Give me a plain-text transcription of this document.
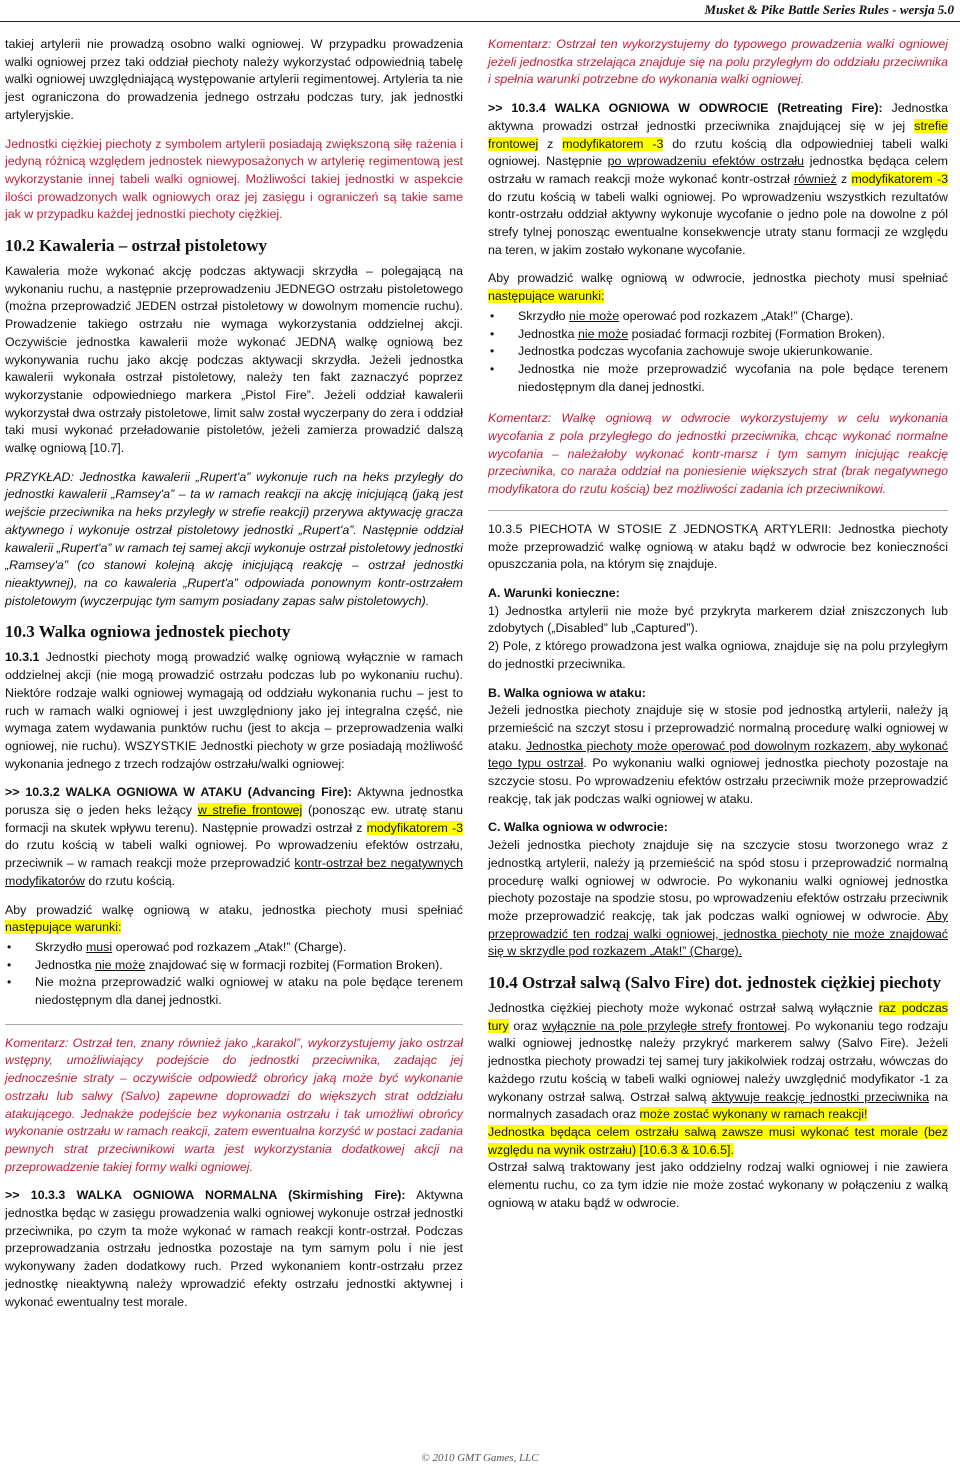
Musket & Pike Battle Series Rules - wersja 5.0

takiej artylerii nie prowadzą osobno walki ogniowej. W przypadku prowadzenia walki ogniowej przez taki oddział piechoty należy wykorzystać odpowiednią tabelę walki ogniowej uwzględniającą występowanie artylerii regimentowej. Artyleria ta nie jest ograniczona do prowadzenia jednego ostrzału podczas tury, jak jednostki artyleryjskie.

Jednostki ciężkiej piechoty z symbolem artylerii posiadają zwiększoną siłę rażenia i jedyną różnicą względem jednostek niewyposażonych w artylerię regimentową jest wykorzystanie innej tabeli walki ogniowej. Możliwości takiej jednostki w aspekcie ilości prowadzonych walk ogniowych oraz jej zasięgu i ograniczeń są takie same jak w przypadku każdej jednostki piechoty ciężkiej.

10.2 Kawaleria – ostrzał pistoletowy

Kawaleria może wykonać akcję podczas aktywacji skrzydła – polegającą na wykonaniu ruchu, a następnie przeprowadzeniu JEDNEGO ostrzału pistoletowego (można przeprowadzić JEDEN ostrzał pistoletowy w dowolnym momencie ruchu). Prowadzenie takiego ostrzału nie wymaga wykorzystania oddzielnej akcji. Oczywiście jednostka kawalerii może wykonać JEDNĄ walkę ogniową bez wykonywania ruchu jako akcję podczas aktywacji skrzydła. Jeżeli jednostka kawalerii wykonała ostrzał pistoletowy, należy ten fakt zaznaczyć poprzez wykorzystanie odpowiedniego markera „Pistol Fire”. Jeżeli oddział kawalerii wykorzystał dwa ostrzały pistoletowe, limit salw został wyczerpany do zera i oddział taki musi wykonać przeładowanie pistoletów, jeżeli zamierza prowadzić dalszą walkę ogniową [10.7].

PRZYKŁAD: Jednostka kawalerii „Rupert'a” wykonuje ruch na heks przyległy do jednostki kawalerii „Ramsey'a” – ta w ramach reakcji na akcję inicjującą (jaką jest wejście przeciwnika na heks przyległy w strefie reakcji) przerywa aktywację gracza aktywnego i wykonuje ostrzał pistoletowy jednostki „Rupert'a”. Następnie oddział kawalerii „Rupert'a” w ramach tej samej akcji wykonuje ostrzał pistoletowy jednostki „Ramsey'a” (co stanowi kolejną akcję inicjującą reakcję – ostrzał jednostki nieaktywnej), na co kawaleria „Rupert'a” odpowiada ponownym kontr-ostrzałem pistoletowym (wyczerpując tym samym posiadany zapas salw pistoletowych).

10.3 Walka ogniowa jednostek piechoty

10.3.1 Jednostki piechoty mogą prowadzić walkę ogniową wyłącznie w ramach oddzielnej akcji (nie mogą prowadzić ostrzału podczas lub po wykonaniu ruchu). Niektóre rodzaje walki ogniowej wymagają od oddziału wykonania ruchu – jest to ruch w ramach walki ogniowej i jest uwzględniony jako jej integralna część, nie wymaga zatem wydawania punktów ruchu (jest to akcja – przeprowadzenia walki ogniowej, nie ruchu). WSZYSTKIE Jednostki piechoty w grze posiadają możliwość wykonania jednego z trzech rodzajów ostrzału/walki ogniowej:

>> 10.3.2 WALKA OGNIOWA W ATAKU (Advancing Fire): Aktywna jednostka porusza się o jeden heks leżący w strefie frontowej (ponosząc ew. utratę stanu formacji na skutek wpływu terenu). Następnie prowadzi ostrzał z modyfikatorem -3 do rzutu kością w tabeli walki ogniowej. Po wprowadzeniu efektów ostrzału, przeciwnik – w ramach reakcji może przeprowadzić kontr-ostrzał bez negatywnych modyfikatorów do rzutu kością.

Aby prowadzić walkę ogniową w ataku, jednostka piechoty musi spełniać następujące warunki:

• Skrzydło musi operować pod rozkazem „Atak!” (Charge).
• Jednostka nie może znajdować się w formacji rozbitej (Formation Broken).
• Nie można przeprowadzić walki ogniowej w ataku na pole będące terenem niedostępnym dla danej jednostki.

Komentarz: Ostrzał ten, znany również jako „karakol”, wykorzystujemy jako ostrzał wstępny, umożliwiający podejście do jednostki przeciwnika, zadając jej jednocześnie straty – oczywiście odpowiedź obrońcy jaką może być wykonanie ostrzału lub salwy (Salvo) zapewne doprowadzi do większych strat oddziału atakującego. Jednakże podejście bez wykonania ostrzału i tak umożliwi obrońcy wykonanie ostrzału w ramach reakcji, zatem ewentualna korzyść w postaci zadania pewnych strat przeciwnikowi warta jest wykorzystania dodatkowej akcji na przeprowadzenie takiej formy walki ogniowej.

>> 10.3.3 WALKA OGNIOWA NORMALNA (Skirmishing Fire): Aktywna jednostka będąc w zasięgu prowadzenia walki ogniowej wykonuje ostrzał jednostki przeciwnika, po czym ta może wykonać w ramach reakcji kontr-ostrzał. Podczas przeprowadzania ostrzału jednostka pozostaje na tym samym polu i nie jest wykonywany żaden dodatkowy ruch. Przed wykonaniem kontr-ostrzału przez jednostkę nieaktywną należy wprowadzić efekty ostrzału jednostki aktywnej i wykonać ewentualny test morale.

Komentarz: Ostrzał ten wykorzystujemy do typowego prowadzenia walki ogniowej jeżeli jednostka strzelająca znajduje się na polu przyległym do oddziału przeciwnika i spełnia warunki potrzebne do wykonania walki ogniowej.

>> 10.3.4 WALKA OGNIOWA W ODWROCIE (Retreating Fire): Jednostka aktywna prowadzi ostrzał jednostki przeciwnika znajdującej się w jej strefie frontowej z modyfikatorem -3 do rzutu kością dla odpowiedniej tabeli walki ogniowej. Następnie po wprowadzeniu efektów ostrzału jednostka będąca celem ostrzału w ramach reakcji może wykonać kontr-ostrzał również z modyfikatorem -3 do rzutu kością w tabeli walki ogniowej. Po wprowadzeniu wszystkich rezultatów kontr-ostrzału oddział aktywny wykonuje wycofanie o jedno pole na dowolne z pól strefy tylnej ponosząc ewentualne konsekwencje utraty stanu formacji ze względu na teren, w jakim zostało wykonane wycofanie.

Aby prowadzić walkę ogniową w odwrocie, jednostka piechoty musi spełniać następujące warunki:

• Skrzydło nie może operować pod rozkazem „Atak!” (Charge).
• Jednostka nie może posiadać formacji rozbitej (Formation Broken).
• Jednostka podczas wycofania zachowuje swoje ukierunkowanie.
• Jednostka nie może przeprowadzić wycofania na pole będące terenem niedostępnym dla danej jednostki.

Komentarz: Walkę ogniową w odwrocie wykorzystujemy w celu wykonania wycofania z pola przyległego do jednostki przeciwnika, chcąc wykonać normalne wycofania – należałoby wykonać kontr-marsz i tym samym inicjując reakcję przeciwnika, co naraża oddział na poniesienie większych strat (brak negatywnego modyfikatora do rzutu kością) bez możliwości zadania ich przeciwnikowi.

10.3.5 PIECHOTA W STOSIE Z JEDNOSTKĄ ARTYLERII: Jednostka piechoty może przeprowadzić walkę ogniową w ataku bądź w odwrocie bez konieczności opuszczania pola, na którym się znajduje.

A. Warunki konieczne:

1) Jednostka artylerii nie może być przykryta markerem dział zniszczonych lub zdobytych („Disabled” lub „Captured”).

2) Pole, z którego prowadzona jest walka ogniowa, znajduje się na polu przyległym do jednostki przeciwnika.

B. Walka ogniowa w ataku:

Jeżeli jednostka piechoty znajduje się w stosie pod jednostką artylerii, należy ją przemieścić na szczyt stosu i przeprowadzić normalną procedurę walki ogniowej w ataku. Jednostka piechoty może operować pod dowolnym rozkazem, aby wykonać tego typu ostrzał. Po wykonaniu walki ogniowej jednostka piechoty pozostaje na szczycie stosu. Po wprowadzeniu efektów ostrzału przeciwnik może przeprowadzić reakcję, tak jak podczas walki ogniowej w ataku.

C. Walka ogniowa w odwrocie:

Jeżeli jednostka piechoty znajduje się na szczycie stosu tworzonego wraz z jednostką artylerii, należy ją przemieścić na spód stosu i przeprowadzić normalną procedurę walki ogniowej w odwrocie. Po wykonaniu walki ogniowej jednostka piechoty pozostaje na spodzie stosu, po wprowadzeniu efektów ostrzału przeciwnik może przeprowadzić reakcję, tak jak podczas walki ogniowej w odwrocie. Aby przeprowadzić ten rodzaj walki ogniowej, jednostka piechoty nie może znajdować się w skrzydle pod rozkazem „Atak!” (Charge).

10.4 Ostrzał salwą (Salvo Fire) dot. jednostek ciężkiej piechoty

Jednostka ciężkiej piechoty może wykonać ostrzał salwą wyłącznie raz podczas tury oraz wyłącznie na pole przyległe strefy frontowej. Po wykonaniu tego rodzaju walki ogniowej jednostkę należy przykryć markerem salwy (Salvo Fire). Jeżeli jednostka piechoty prowadzi tej samej tury jakikolwiek rodzaj ostrzału, wówczas do każdego rzutu kością w tabeli walki ogniowej należy uwzględnić modyfikator -1 za wykonany ostrzał salwą. Ostrzał salwą aktywuje reakcję jednostki przeciwnika na normalnych zasadach oraz może zostać wykonany w ramach reakcji!

Jednostka będąca celem ostrzału salwą zawsze musi wykonać test morale (bez względu na wynik ostrzału) [10.6.3 & 10.6.5].

Ostrzał salwą traktowany jest jako oddzielny rodzaj walki ogniowej i nie zawiera elementu ruchu, co za tym idzie nie może zostać wykonany w połączeniu z walką ogniową w ataku bądź w odwrocie.

© 2010 GMT Games, LLC
